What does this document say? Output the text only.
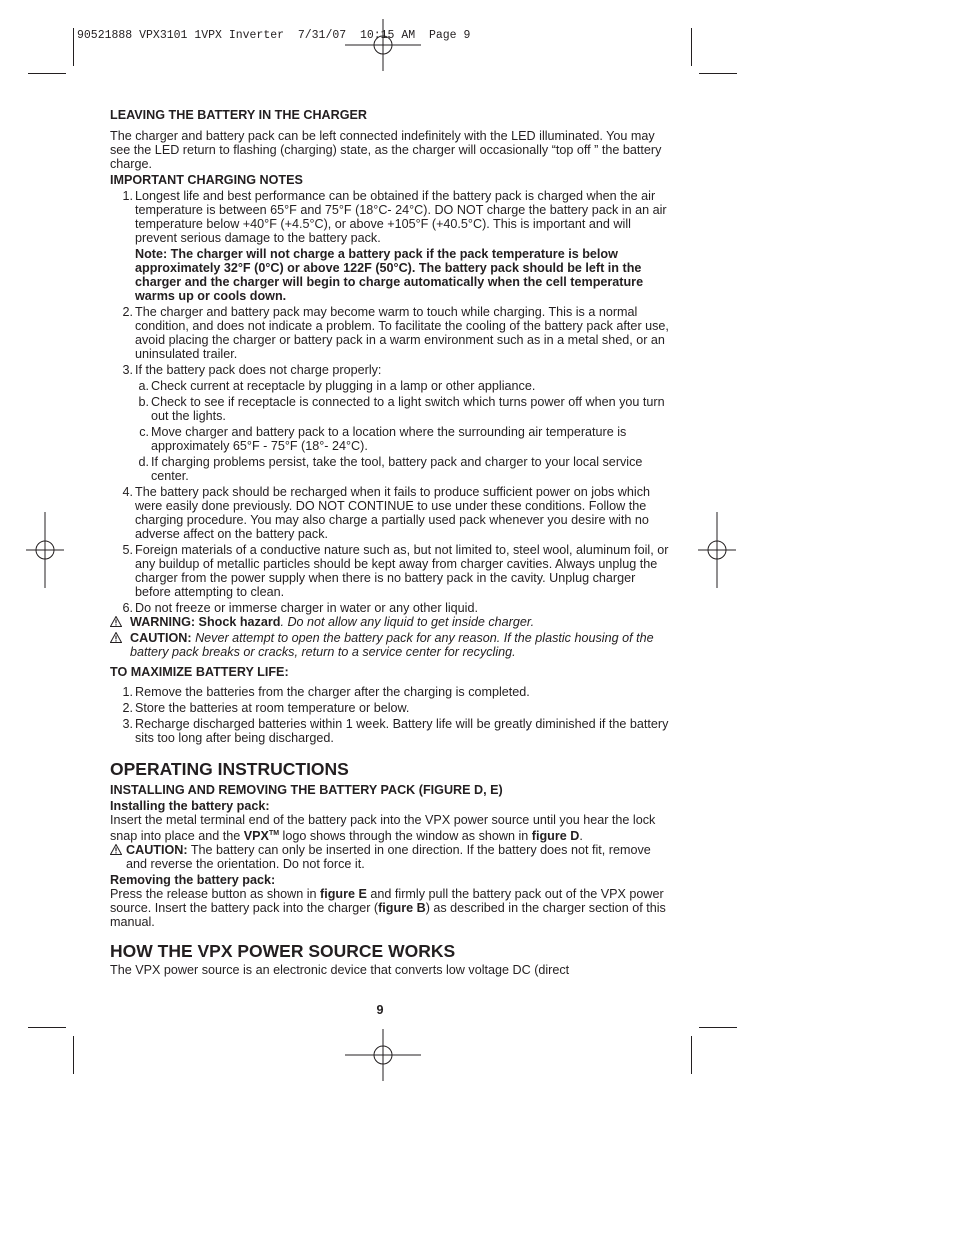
90521888 VPX3101 1VPX Inverter  7/31/07  10:15 AM  Page 9

LEAVING THE BATTERY IN THE CHARGER

The charger and battery pack can be left connected indefinitely with the LED illuminated. You may see the LED return to flashing (charging) state, as the charger will occasionally “top off ” the battery charge.

IMPORTANT CHARGING NOTES

1. Longest life and best performance can be obtained if the battery pack is charged when the air temperature is between 65°F and 75°F (18°C- 24°C). DO NOT charge the battery pack in an air temperature below +40°F (+4.5°C), or above +105°F (+40.5°C). This is important and will prevent serious damage to the battery pack.
Note: The charger will not charge a battery pack if the pack temperature is below approximately 32°F (0°C) or above 122F (50°C). The battery pack should be left in the charger and the charger will begin to charge automatically when the cell temperature warms up or cools down.
2. The charger and battery pack may become warm to touch while charging. This is a normal condition, and does not indicate a problem. To facilitate the cooling of the battery pack after use, avoid placing the charger or battery pack in a warm environment such as in a metal shed, or an uninsulated trailer.
3. If the battery pack does not charge properly:
a. Check current at receptacle by plugging in a lamp or other appliance.
b. Check to see if receptacle is connected to a light switch which turns power off when you turn out the lights.
c. Move charger and battery pack to a location where the surrounding air temperature is approximately 65°F - 75°F (18°- 24°C).
d. If charging problems persist, take the tool, battery pack and charger to your local service center.
4. The battery pack should be recharged when it fails to produce sufficient power on jobs which were easily done previously. DO NOT CONTINUE to use under these conditions. Follow the charging procedure. You may also charge a partially used pack whenever you desire with no adverse affect on the battery pack.
5. Foreign materials of a conductive nature such as, but not limited to, steel wool, aluminum foil, or any buildup of metallic particles should be kept away from charger cavities. Always unplug the charger from the power supply when there is no battery pack in the cavity. Unplug charger before attempting to clean.
6. Do not freeze or immerse charger in water or any other liquid.
WARNING: Shock hazard. Do not allow any liquid to get inside charger.
CAUTION: Never attempt to open the battery pack for any reason. If the plastic housing of the battery pack breaks or cracks, return to a service center for recycling.

TO MAXIMIZE BATTERY LIFE:

1. Remove the batteries from the charger after the charging is completed.
2. Store the batteries at room temperature or below.
3. Recharge discharged batteries within 1 week. Battery life will be greatly diminished if the battery sits too long after being discharged.

OPERATING INSTRUCTIONS

INSTALLING AND REMOVING THE BATTERY PACK (FIGURE D, E)

Installing the battery pack:

Insert the metal terminal end of the battery pack into the VPX power source until you hear the lock snap into place and the VPX™ logo shows through the window as shown in figure D.

CAUTION: The battery can only be inserted in one direction. If the battery does not fit, remove and reverse the orientation. Do not force it.

Removing the battery pack:

Press the release button as shown in figure E and firmly pull the battery pack out of the VPX power source. Insert the battery pack into the charger (figure B) as described in the charger section of this manual.

HOW THE VPX POWER SOURCE WORKS

The VPX power source is an electronic device that converts low voltage DC (direct

9
